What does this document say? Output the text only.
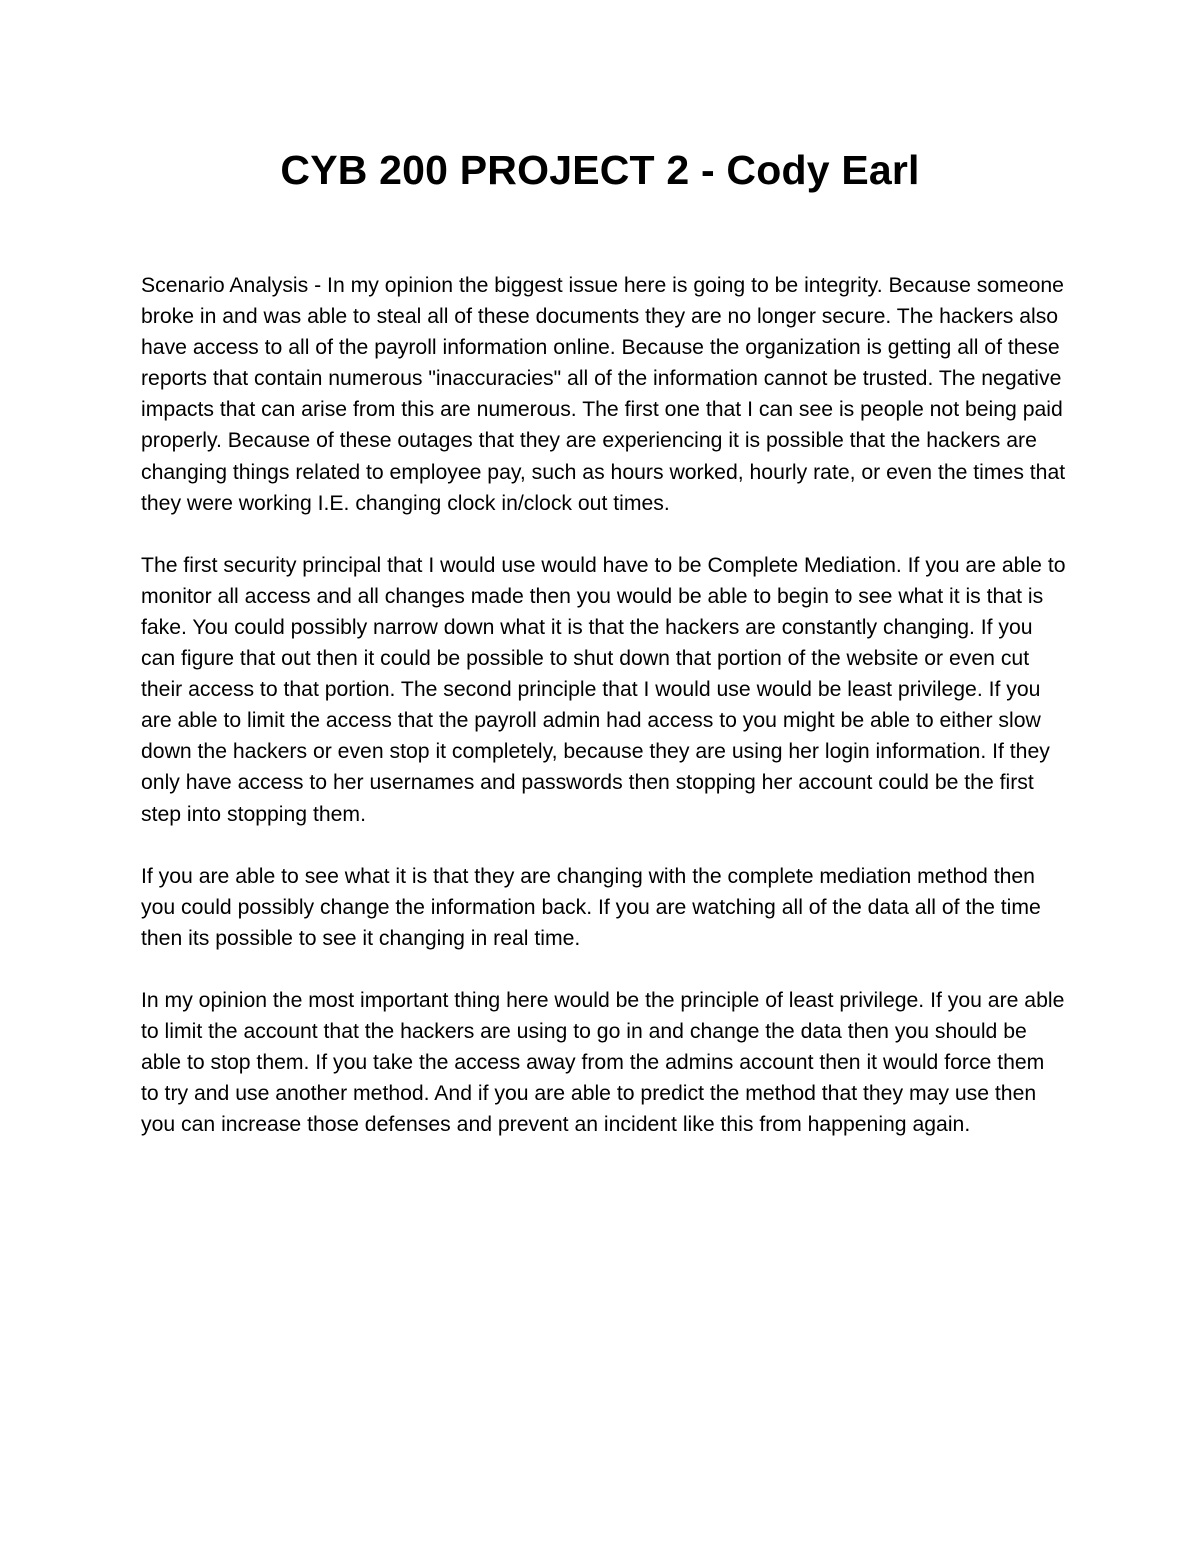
CYB 200 PROJECT 2 - Cody Earl

Scenario Analysis - In my opinion the biggest issue here is going to be integrity. Because someone broke in and was able to steal all of these documents they are no longer secure. The hackers also have access to all of the payroll information online. Because the organization is getting all of these reports that contain numerous "inaccuracies" all of the information cannot be trusted. The negative impacts that can arise from this are numerous. The first one that I can see is people not being paid properly. Because of these outages that they are experiencing it is possible that the hackers are changing things related to employee pay, such as hours worked, hourly rate, or even the times that they were working I.E. changing clock in/clock out times.

The first security principal that I would use would have to be Complete Mediation. If you are able to monitor all access and all changes made then you would be able to begin to see what it is that is fake. You could possibly narrow down what it is that the hackers are constantly changing. If you can figure that out then it could be possible to shut down that portion of the website or even cut their access to that portion. The second principle that I would use would be least privilege. If you are able to limit the access that the payroll admin had access to you might be able to either slow down the hackers or even stop it completely, because they are using her login information. If they only have access to her usernames and passwords then stopping her account could be the first step into stopping them.

If you are able to see what it is that they are changing with the complete mediation method then you could possibly change the information back. If you are watching all of the data all of the time then its possible to see it changing in real time.

In my opinion the most important thing here would be the principle of least privilege. If you are able to limit the account that the hackers are using to go in and change the data then you should be able to stop them. If you take the access away from the admins account then it would force them to try and use another method. And if you are able to predict the method that they may use then you can increase those defenses and prevent an incident like this from happening again.
